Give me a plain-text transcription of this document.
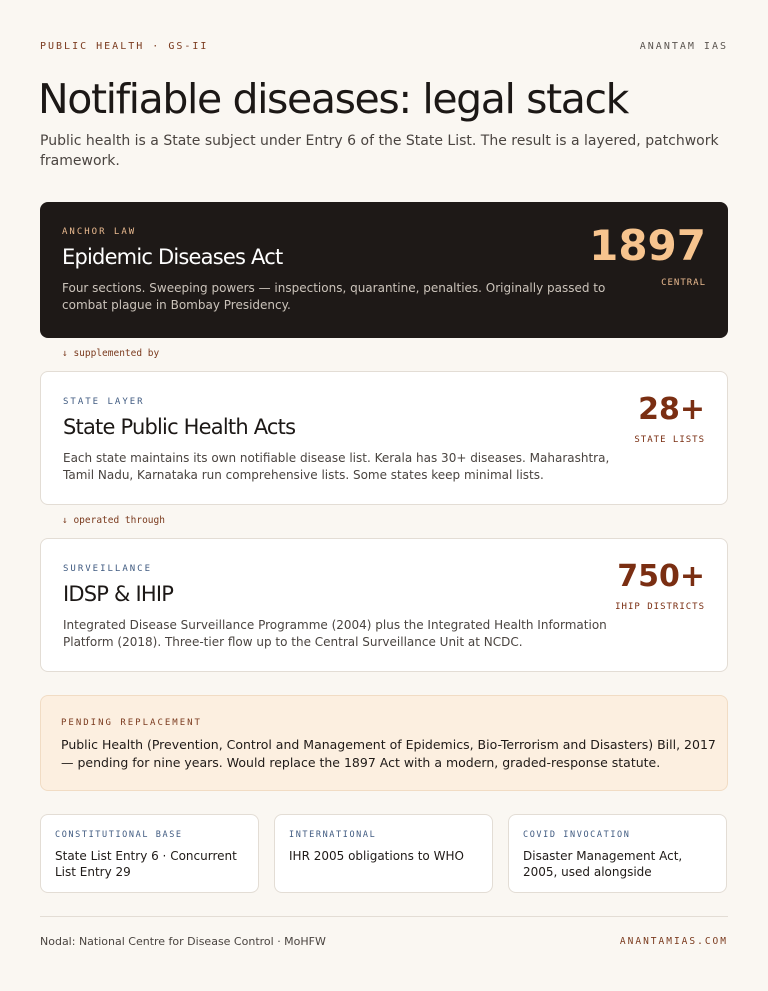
PUBLIC HEALTH · GS-II	ANANTAM IAS
Notifiable diseases: legal stack

Public health is a State subject under Entry 6 of the State List. The result is a layered, patchwork framework.

ANCHOR LAW
Epidemic Diseases Act
Four sections. Sweeping powers — inspections, quarantine, penalties. Originally passed to combat plague in Bombay Presidency.
1897
CENTRAL
↓ supplemented by
STATE LAYER
State Public Health Acts
Each state maintains its own notifiable disease list. Kerala has 30+ diseases. Maharashtra, Tamil Nadu, Karnataka run comprehensive lists. Some states keep minimal lists.
28+
STATE LISTS
↓ operated through
SURVEILLANCE
IDSP & IHIP
Integrated Disease Surveillance Programme (2004) plus the Integrated Health Information Platform (2018). Three-tier flow up to the Central Surveillance Unit at NCDC.
750+
IHIP DISTRICTS
PENDING REPLACEMENT
Public Health (Prevention, Control and Management of Epidemics, Bio-Terrorism and Disasters) Bill, 2017 — pending for nine years. Would replace the 1897 Act with a modern, graded-response statute.
CONSTITUTIONAL BASE
State List Entry 6 · Concurrent List Entry 29
INTERNATIONAL
IHR 2005 obligations to WHO
COVID INVOCATION
Disaster Management Act, 2005, used alongside
Nodal: National Centre for Disease Control · MoHFW	ANANTAMIAS.COM
